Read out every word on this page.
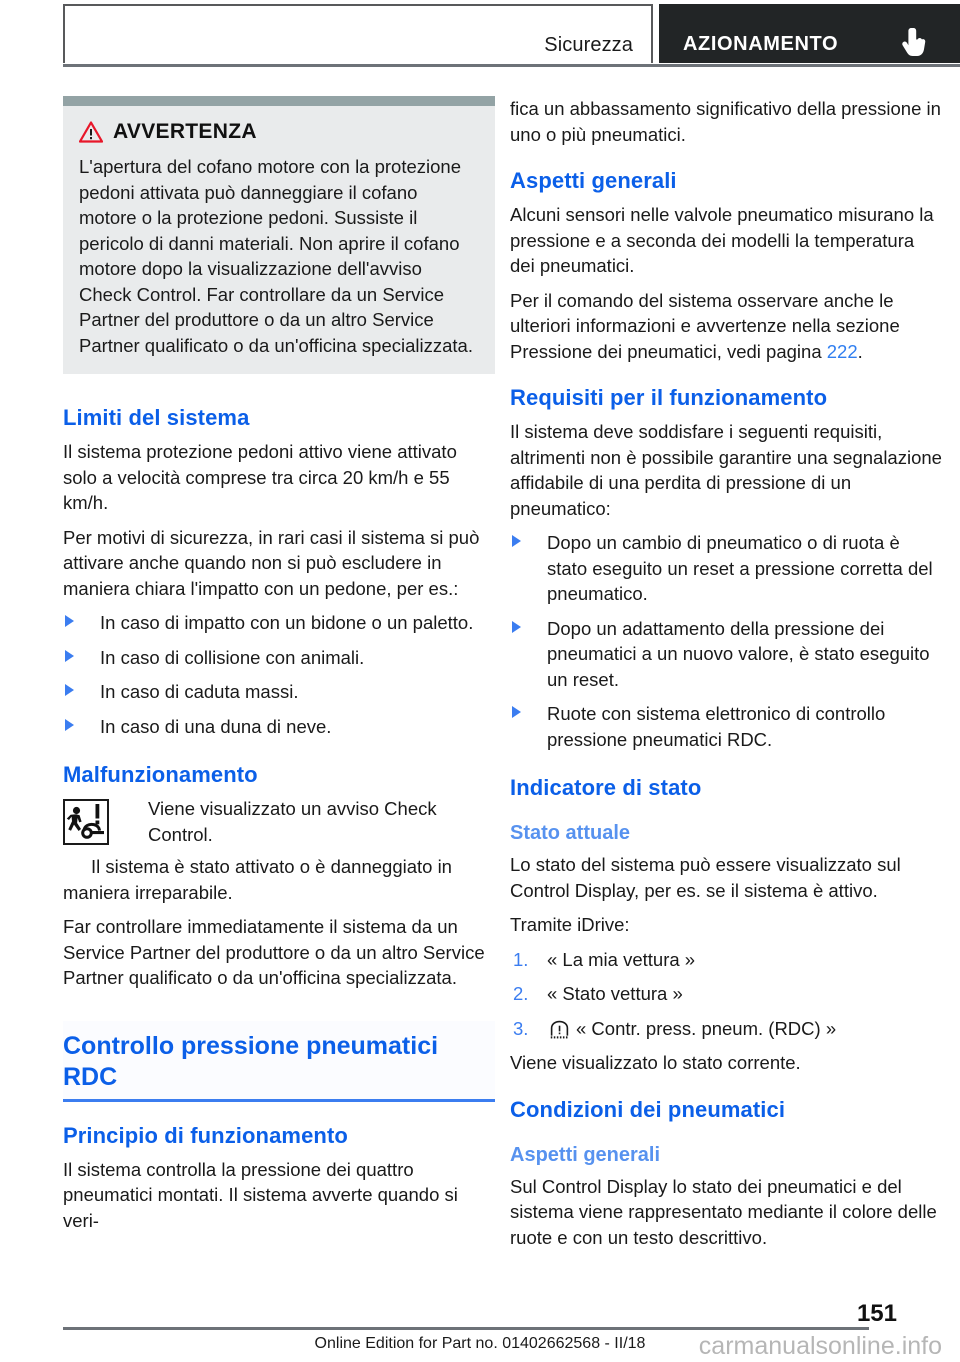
Sicurezza	AZIONAMENTO
AVVERTENZA
L'apertura del cofano motore con la protezione pedoni attivata può danneggiare il cofano motore o la protezione pedoni. Sussiste il pericolo di danni materiali. Non aprire il cofano motore dopo la visualizzazione dell'avviso Check Control. Far controllare da un Service Partner del produttore o da un altro Service Partner qualificato o da un'officina specializzata.
Limiti del sistema

Il sistema protezione pedoni attivo viene attivato solo a velocità comprese tra circa 20 km/h e 55 km/h.

Per motivi di sicurezza, in rari casi il sistema si può attivare anche quando non si può escludere in maniera chiara l'impatto con un pedone, per es.:

In caso di impatto con un bidone o un paletto.
In caso di collisione con animali.
In caso di caduta massi.
In caso di una duna di neve.
Malfunzionamento
Viene visualizzato un avviso Check Control.

Il sistema è stato attivato o è danneggiato in maniera irreparabile.

Far controllare immediatamente il sistema da un Service Partner del produttore o da un altro Service Partner qualificato o da un'officina specializzata.

Controllo pressione pneumatici RDC
Principio di funzionamento

Il sistema controlla la pressione dei quattro pneumatici montati. Il sistema avverte quando si veri-

fica un abbassamento significativo della pressione in uno o più pneumatici.

Aspetti generali

Alcuni sensori nelle valvole pneumatico misurano la pressione e a seconda dei modelli la temperatura dei pneumatici.

Per il comando del sistema osservare anche le ulteriori informazioni e avvertenze nella sezione Pressione dei pneumatici, vedi pagina 222.

Requisiti per il funzionamento

Il sistema deve soddisfare i seguenti requisiti, altrimenti non è possibile garantire una segnalazione affidabile di una perdita di pressione di un pneumatico:

Dopo un cambio di pneumatico o di ruota è stato eseguito un reset a pressione corretta del pneumatico.
Dopo un adattamento della pressione dei pneumatici a un nuovo valore, è stato eseguito un reset.
Ruote con sistema elettronico di controllo pressione pneumatici RDC.
Indicatore di stato
Stato attuale

Lo stato del sistema può essere visualizzato sul Control Display, per es. se il sistema è attivo.

Tramite iDrive:

1. « La mia vettura »
2. « Stato vettura »
3.	« Contr. press. pneum. (RDC) »

Viene visualizzato lo stato corrente.

Condizioni dei pneumatici
Aspetti generali

Sul Control Display lo stato dei pneumatici e del sistema viene rappresentato mediante il colore delle ruote e con un testo descrittivo.

151
Online Edition for Part no. 01402662568 - II/18	carmanualsonline.info
